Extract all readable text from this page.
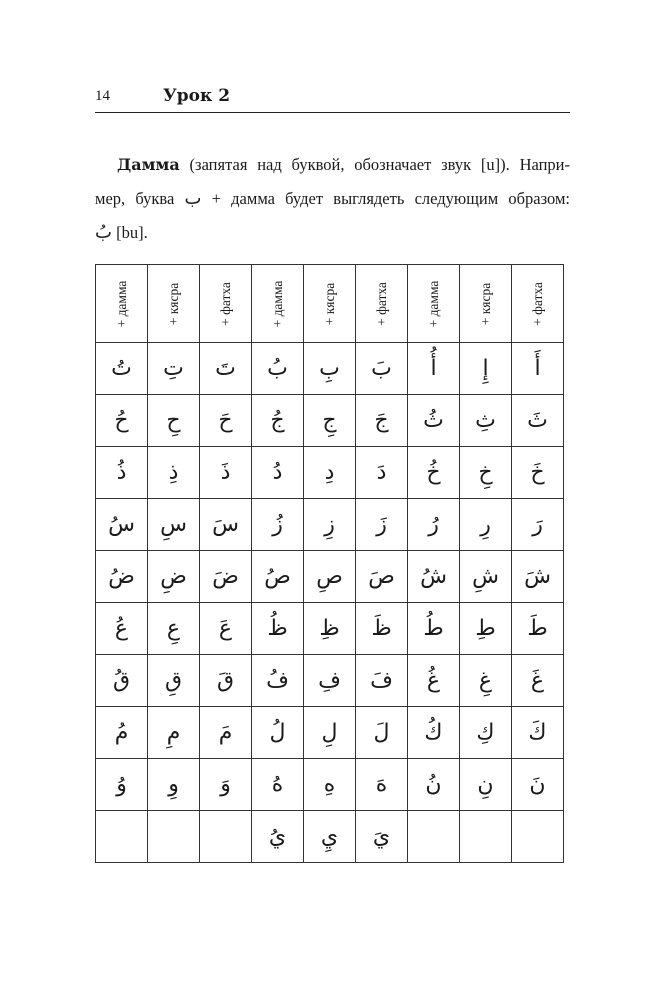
14	Урок 2
Дамма (запятая над буквой, обозначает звук [u]). Напри-
мер, буква ب + дамма будет выглядеть следующим образом:
بُ [bu].
+ дамма	+ кясра	+ фатха	+ дамма	+ кясра	+ фатха	+ дамма	+ кясра	+ фатха

تُ	تِ	تَ	بُ	بِ	بَ	أُ	إِ	أَ
حُ	حِ	حَ	جُ	جِ	جَ	ثُ	ثِ	ثَ
ذُ	ذِ	ذَ	دُ	دِ	دَ	خُ	خِ	خَ
سُ	سِ	سَ	زُ	زِ	زَ	رُ	رِ	رَ
ضُ	ضِ	ضَ	صُ	صِ	صَ	شُ	شِ	شَ
عُ	عِ	عَ	ظُ	ظِ	ظَ	طُ	طِ	طَ
قُ	قِ	قَ	فُ	فِ	فَ	غُ	غِ	غَ
مُ	مِ	مَ	لُ	لِ	لَ	كُ	كِ	كَ
وُ	وِ	وَ	هُ	هِ	هَ	نُ	نِ	نَ
			يُ	يِ	يَ			
